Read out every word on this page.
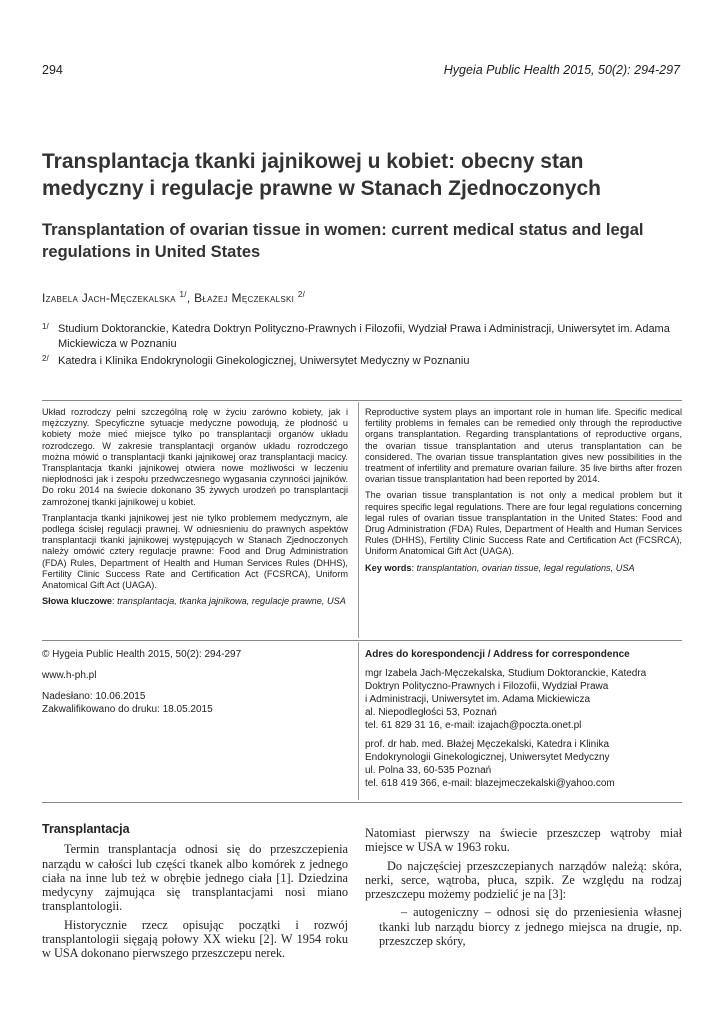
294	Hygeia Public Health 2015, 50(2): 294-297
Transplantacja tkanki jajnikowej u kobiet: obecny stan medyczny i regulacje prawne w Stanach Zjednoczonych
Transplantation of ovarian tissue in women: current medical status and legal regulations in United States
Izabela Jach-Męczekalska $^{1/}$, Błażej Męczekalski $^{2/}$
1/ Studium Doktoranckie, Katedra Doktryn Polityczno-Prawnych i Filozofii, Wydział Prawa i Administracji, Uniwersytet im. Adama Mickiewicza w Poznaniu
2/ Katedra i Klinika Endokrynologii Ginekologicznej, Uniwersytet Medyczny w Poznaniu

Układ rozrodczy pełni szczególną rolę w życiu zarówno kobiety, jak i mężczyzny. Specyficzne sytuacje medyczne powodują, że płodność u kobiety może mieć miejsce tylko po transplantacji organów układu rozrodczego. W zakresie transplantacji organów układu rozrodczego można mówić o transplantacji tkanki jajnikowej oraz transplantacji macicy. Transplantacja tkanki jajnikowej otwiera nowe możliwości w leczeniu niepłodności jak i zespołu przedwczesnego wygasania czynności jajników. Do roku 2014 na świecie dokonano 35 żywych urodzeń po transplantacji zamrożonej tkanki jajnikowej u kobiet.

Tranplantacja tkanki jajnikowej jest nie tylko problemem medycznym, ale podlega ścisłej regulacji prawnej. W odniesnieniu do prawnych aspektów transplantacji tkanki jajnikowej występujących w Stanach Zjednoczonych należy omówić cztery regulacje prawne: Food and Drug Administration (FDA) Rules, Department of Health and Human Services Rules (DHHS), Fertility Clinic Success Rate and Certification Act (FCSRCA), Uniform Anatomical Gift Act (UAGA).

Słowa kluczowe: transplantacja, tkanka jajnikowa, regulacje prawne, USA

Reproductive system plays an important role in human life. Specific medical fertility problems in females can be remedied only through the reproductive organs transplantation. Regarding transplantations of reproductive organs, the ovarian tissue transplantation and uterus transplantation can be considered. The ovarian tissue transplantation gives new possibilities in the treatment of infertility and premature ovarian failure. 35 live births after frozen ovarian tissue transplantation had been reported by 2014.

The ovarian tissue transplantation is not only a medical problem but it requires specific legal regulations. There are four legal regulations concerning legal rules of ovarian tissue transplantation in the United States: Food and Drug Administration (FDA) Rules, Department of Health and Human Services Rules (DHHS), Fertility Clinic Success Rate and Certification Act (FCSRCA), Uniform Anatomical Gift Act (UAGA).

Key words: transplantation, ovarian tissue, legal regulations, USA

© Hygeia Public Health 2015, 50(2): 294-297

www.h-ph.pl

Nadesłano: 10.06.2015
Zakwalifikowano do druku: 18.05.2015
Adres do korespondencji / Address for correspondence
mgr Izabela Jach-Męczekalska, Studium Doktoranckie, Katedra
Doktryn Polityczno-Prawnych i Filozofii, Wydział Prawa
i Administracji, Uniwersytet im. Adama Mickiewicza
al. Niepodległości 53, Poznań
tel. 61 829 31 16, e-mail: izajach@poczta.onet.pl
prof. dr hab. med. Błażej Męczekalski, Katedra i Klinika
Endokrynologii Ginekologicznej, Uniwersytet Medyczny
ul. Polna 33, 60-535 Poznań
tel. 618 419 366, e-mail: blazejmeczekalski@yahoo.com
Transplantacja

Termin transplantacja odnosi się do przeszczepienia narządu w całości lub części tkanek albo komórek z jednego ciała na inne lub też w obrębie jednego ciała [1]. Dziedzina medycyny zajmująca się transplantacjami nosi miano transplantologii.

Historycznie rzecz opisując początki i rozwój transplantologii sięgają połowy XX wieku [2]. W 1954 roku w USA dokonano pierwszego przeszczepu nerek.

Natomiast pierwszy na świecie przeszczep wątroby miał miejsce w USA w 1963 roku.

Do najczęściej przeszczepianych narządów należą: skóra, nerki, serce, wątroba, płuca, szpik. Ze względu na rodzaj przeszczepu możemy podzielić je na [3]:

– autogeniczny – odnosi się do przeniesienia własnej tkanki lub narządu biorcy z jednego miejsca na drugie, np. przeszczep skóry,
